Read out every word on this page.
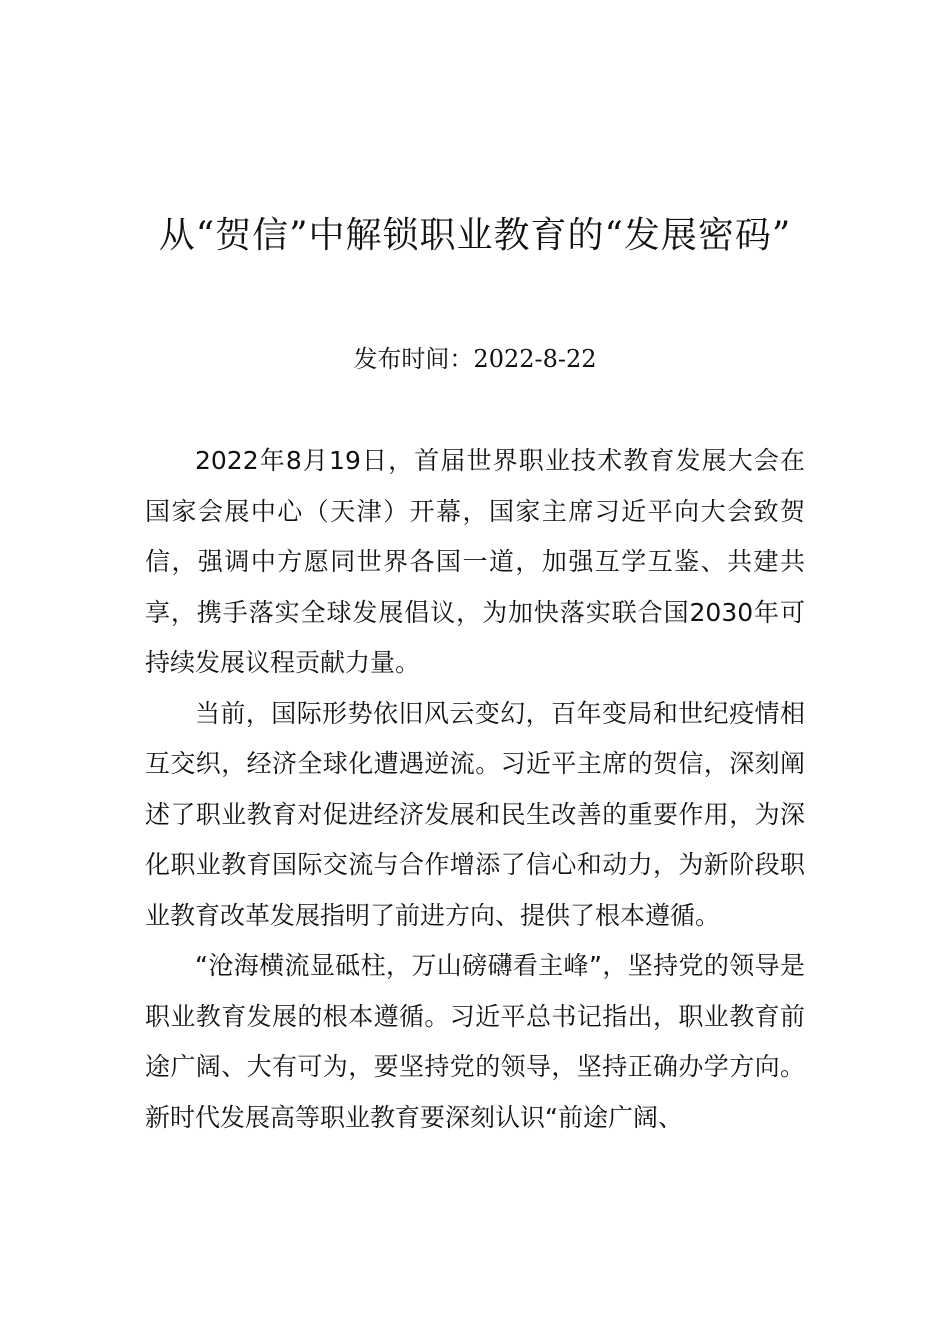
从“贺信”中解锁职业教育的“发展密码”
发布时间：2022-8-22

2022年8月19日，首届世界职业技术教育发展大会在国家会展中心（天津）开幕，国家主席习近平向大会致贺信，强调中方愿同世界各国一道，加强互学互鉴、共建共享，携手落实全球发展倡议，为加快落实联合国2030年可持续发展议程贡献力量。

当前，国际形势依旧风云变幻，百年变局和世纪疫情相互交织，经济全球化遭遇逆流。习近平主席的贺信，深刻阐述了职业教育对促进经济发展和民生改善的重要作用，为深化职业教育国际交流与合作增添了信心和动力，为新阶段职业教育改革发展指明了前进方向、提供了根本遵循。

“沧海横流显砥柱，万山磅礴看主峰”，坚持党的领导是职业教育发展的根本遵循。习近平总书记指出，职业教育前途广阔、大有可为，要坚持党的领导，坚持正确办学方向。新时代发展高等职业教育要深刻认识“前途广阔、
